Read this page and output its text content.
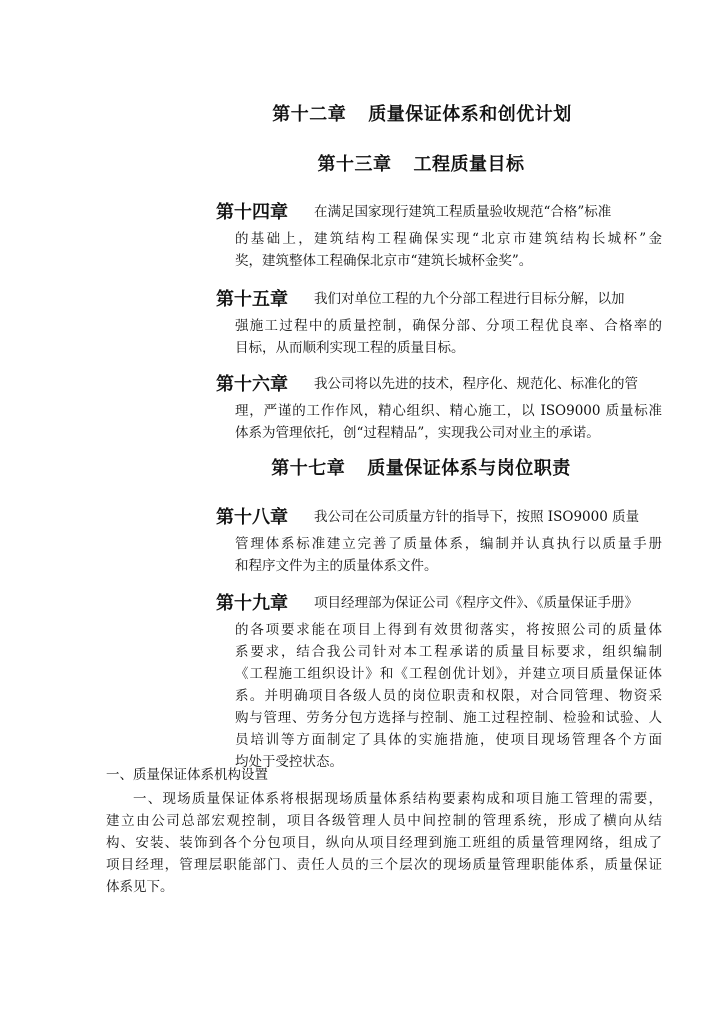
第十二章 质量保证体系和创优计划
第十三章 工程质量目标
第十四章 在满足国家现行建筑工程质量验收规范“合格”标准
的基础上，建筑结构工程确保实现“北京市建筑结构长城杯”金
奖，建筑整体工程确保北京市“建筑长城杯金奖”。
第十五章 我们对单位工程的九个分部工程进行目标分解，以加
强施工过程中的质量控制，确保分部、分项工程优良率、合格率的
目标，从而顺利实现工程的质量目标。
第十六章 我公司将以先进的技术，程序化、规范化、标准化的管
理，严谨的工作作风，精心组织、精心施工，以 ISO9000 质量标准
体系为管理依托，创“过程精品”，实现我公司对业主的承诺。
第十七章 质量保证体系与岗位职责
第十八章 我公司在公司质量方针的指导下，按照 ISO9000 质量
管理体系标准建立完善了质量体系，编制并认真执行以质量手册
和程序文件为主的质量体系文件。
第十九章 项目经理部为保证公司《程序文件》、《质量保证手册》
的各项要求能在项目上得到有效贯彻落实，将按照公司的质量体
系要求，结合我公司针对本工程承诺的质量目标要求，组织编制
《工程施工组织设计》和《工程创优计划》，并建立项目质量保证体
系。并明确项目各级人员的岗位职责和权限，对合同管理、物资采
购与管理、劳务分包方选择与控制、施工过程控制、检验和试验、人
员培训等方面制定了具体的实施措施，使项目现场管理各个方面
均处于受控状态。
一、质量保证体系机构设置
一、现场质量保证体系将根据现场质量体系结构要素构成和项目施工管理的需要，
建立由公司总部宏观控制，项目各级管理人员中间控制的管理系统，形成了横向从结
构、安装、装饰到各个分包项目，纵向从项目经理到施工班组的质量管理网络，组成了
项目经理，管理层职能部门、责任人员的三个层次的现场质量管理职能体系，质量保证
体系见下。
